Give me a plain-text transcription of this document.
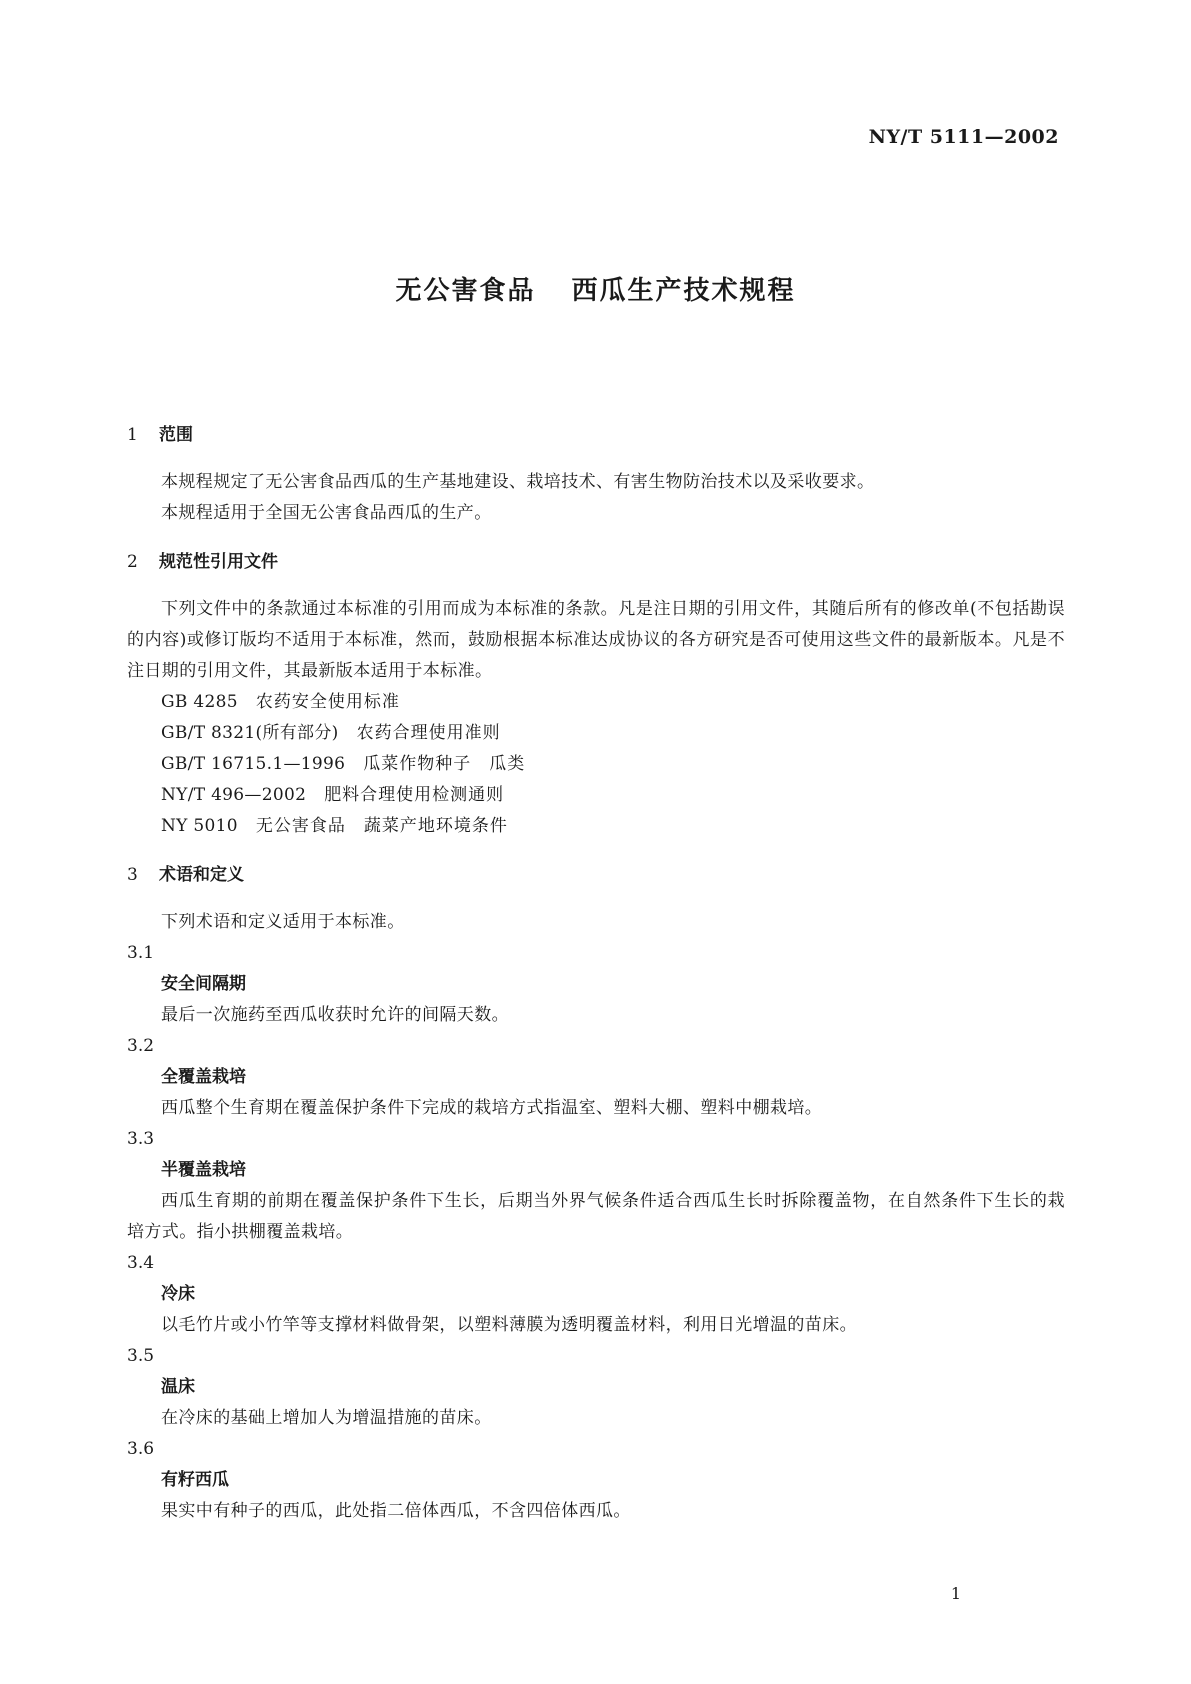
NY/T 5111—2002
无公害食品 西瓜生产技术规程
1 范围

本规程规定了无公害食品西瓜的生产基地建设、栽培技术、有害生物防治技术以及采收要求。

本规程适用于全国无公害食品西瓜的生产。

2 规范性引用文件

下列文件中的条款通过本标准的引用而成为本标准的条款。凡是注日期的引用文件，其随后所有的修改单(不包括勘误的内容)或修订版均不适用于本标准，然而，鼓励根据本标准达成协议的各方研究是否可使用这些文件的最新版本。凡是不注日期的引用文件，其最新版本适用于本标准。

GB 4285 农药安全使用标准
GB/T 8321(所有部分) 农药合理使用准则
GB/T 16715.1—1996 瓜菜作物种子　瓜类
NY/T 496—2002 肥料合理使用检测通则
NY 5010 无公害食品　蔬菜产地环境条件
3 术语和定义

下列术语和定义适用于本标准。

3.1
安全间隔期

最后一次施药至西瓜收获时允许的间隔天数。

3.2
全覆盖栽培

西瓜整个生育期在覆盖保护条件下完成的栽培方式指温室、塑料大棚、塑料中棚栽培。

3.3
半覆盖栽培

西瓜生育期的前期在覆盖保护条件下生长，后期当外界气候条件适合西瓜生长时拆除覆盖物，在自然条件下生长的栽培方式。指小拱棚覆盖栽培。

3.4
冷床

以毛竹片或小竹竿等支撑材料做骨架，以塑料薄膜为透明覆盖材料，利用日光增温的苗床。

3.5
温床

在冷床的基础上增加人为增温措施的苗床。

3.6
有籽西瓜

果实中有种子的西瓜，此处指二倍体西瓜，不含四倍体西瓜。

1
